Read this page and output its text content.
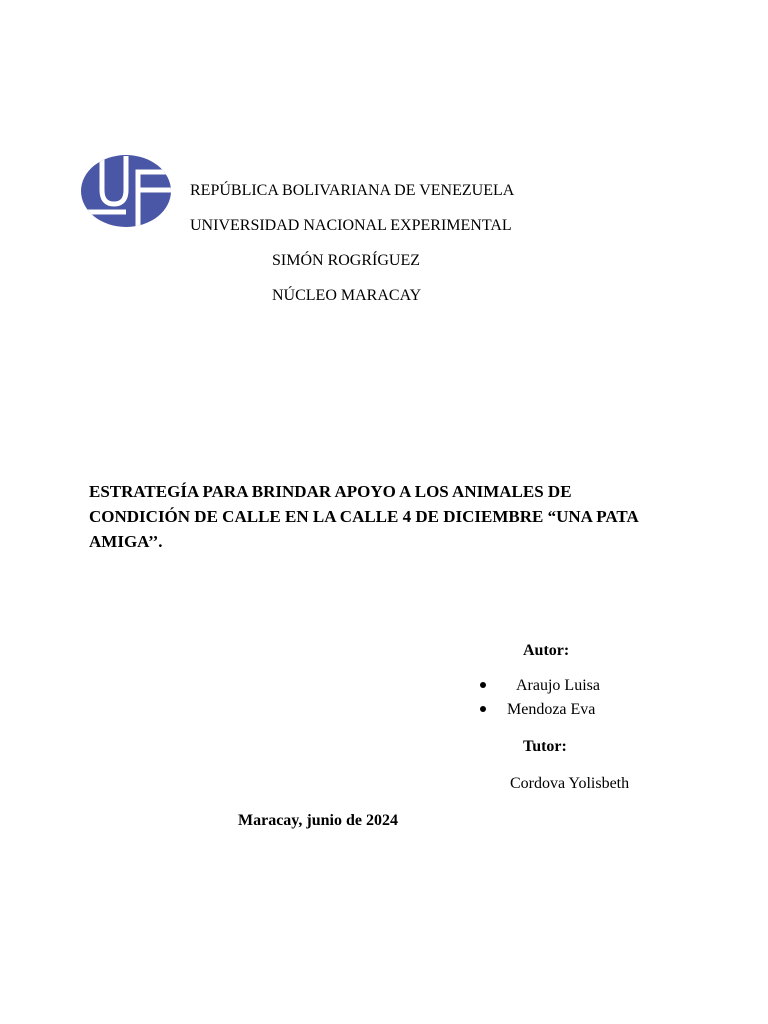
REPÚBLICA BOLIVARIANA DE VENEZUELA
UNIVERSIDAD NACIONAL EXPERIMENTAL
SIMÓN ROGRÍGUEZ
NÚCLEO MARACAY
ESTRATEGÍA PARA BRINDAR APOYO A LOS ANIMALES DE CONDICIÓN DE CALLE EN LA CALLE 4 DE DICIEMBRE “UNA PATA AMIGA’’.
Autor:
Araujo Luisa
Mendoza Eva
Tutor:
Cordova Yolisbeth
Maracay, junio de 2024
